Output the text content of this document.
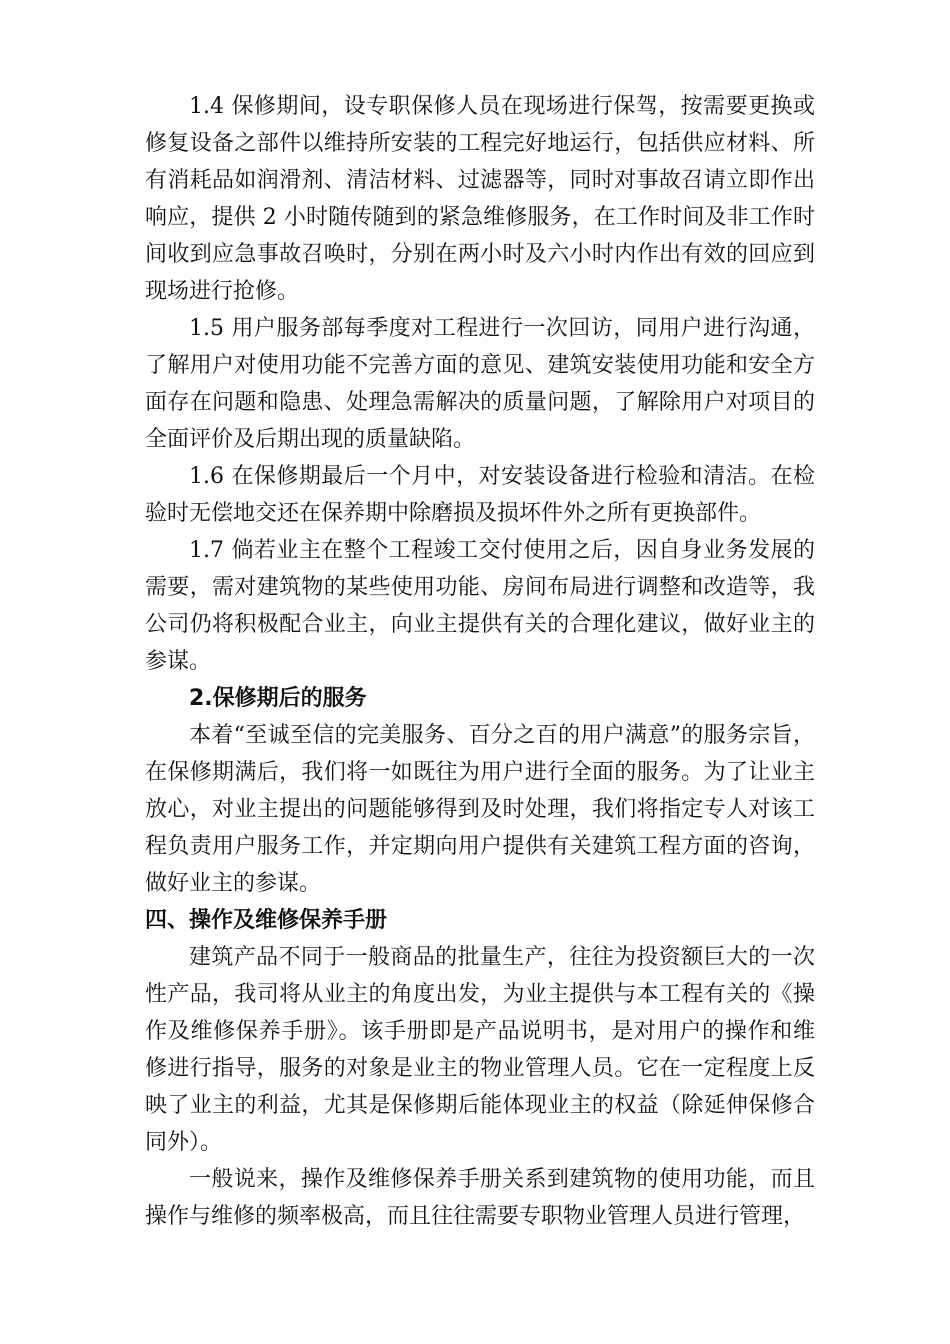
1.4 保修期间，设专职保修人员在现场进行保驾，按需要更换或修复设备之部件以维持所安装的工程完好地运行，包括供应材料、所有消耗品如润滑剂、清洁材料、过滤器等，同时对事故召请立即作出响应，提供 2 小时随传随到的紧急维修服务，在工作时间及非工作时间收到应急事故召唤时，分别在两小时及六小时内作出有效的回应到现场进行抢修。

1.5 用户服务部每季度对工程进行一次回访，同用户进行沟通，了解用户对使用功能不完善方面的意见、建筑安装使用功能和安全方面存在问题和隐患、处理急需解决的质量问题，了解除用户对项目的全面评价及后期出现的质量缺陷。

1.6 在保修期最后一个月中，对安装设备进行检验和清洁。在检验时无偿地交还在保养期中除磨损及损坏件外之所有更换部件。

1.7 倘若业主在整个工程竣工交付使用之后，因自身业务发展的需要，需对建筑物的某些使用功能、房间布局进行调整和改造等，我公司仍将积极配合业主，向业主提供有关的合理化建议，做好业主的参谋。

2.保修期后的服务

本着“至诚至信的完美服务、百分之百的用户满意”的服务宗旨，在保修期满后，我们将一如既往为用户进行全面的服务。为了让业主放心，对业主提出的问题能够得到及时处理，我们将指定专人对该工程负责用户服务工作，并定期向用户提供有关建筑工程方面的咨询，做好业主的参谋。

四、操作及维修保养手册

建筑产品不同于一般商品的批量生产，往往为投资额巨大的一次性产品，我司将从业主的角度出发，为业主提供与本工程有关的《操作及维修保养手册》。该手册即是产品说明书，是对用户的操作和维修进行指导，服务的对象是业主的物业管理人员。它在一定程度上反映了业主的利益，尤其是保修期后能体现业主的权益（除延伸保修合同外）。

一般说来，操作及维修保养手册关系到建筑物的使用功能，而且操作与维修的频率极高，而且往往需要专职物业管理人员进行管理，
